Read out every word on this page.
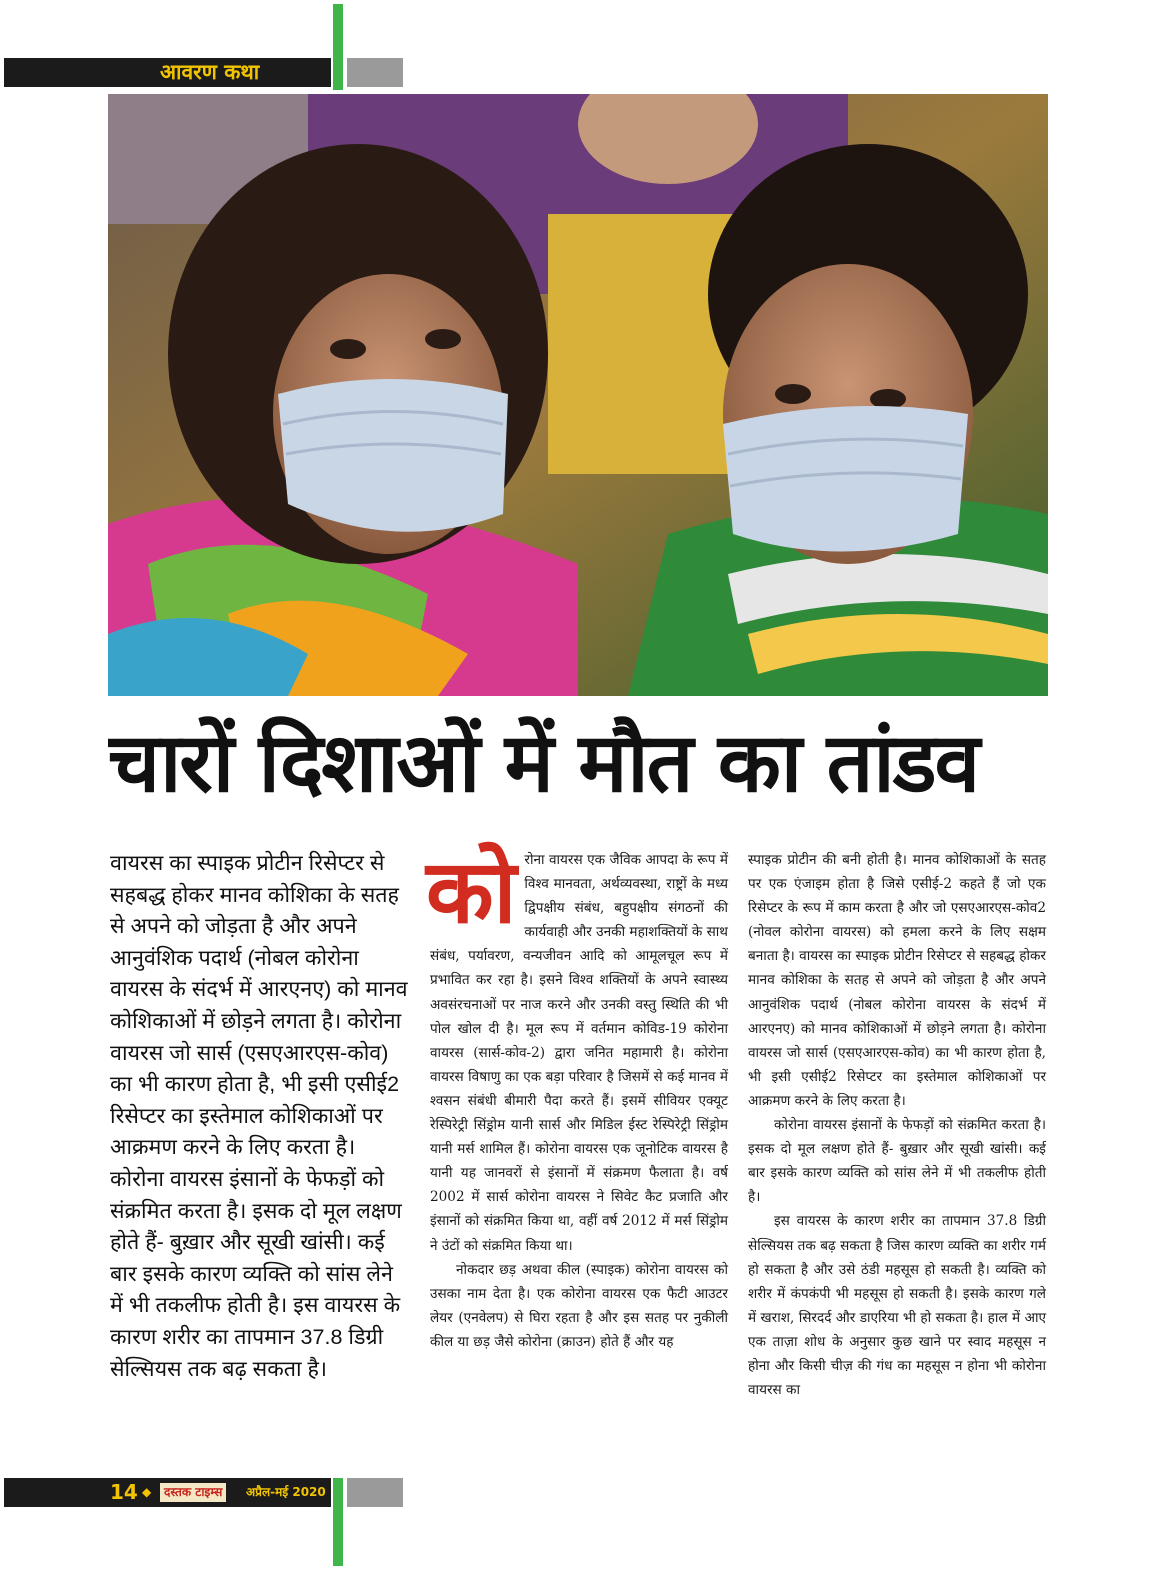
आवरण कथा
चारों दिशाओं में मौत का तांडव

वायरस का स्पाइक प्रोटीन रिसेप्टर से सहबद्ध होकर मानव कोशिका के सतह से अपने को जोड़ता है और अपने आनुवंशिक पदार्थ (नोबल कोरोना वायरस के संदर्भ में आरएनए) को मानव कोशिकाओं में छोड़ने लगता है। कोरोना वायरस जो सार्स (एसएआरएस-कोव) का भी कारण होता है, भी इसी एसीई2 रिसेप्टर का इस्तेमाल कोशिकाओं पर आक्रमण करने के लिए करता है। कोरोना वायरस इंसानों के फेफड़ों को संक्रमित करता है। इसक दो मूल लक्षण होते हैं- बुख़ार और सूखी खांसी। कई बार इसके कारण व्यक्ति को सांस लेने में भी तकलीफ होती है। इस वायरस के कारण शरीर का तापमान 37.8 डिग्री सेल्सियस तक बढ़ सकता है।

को रोना वायरस एक जैविक आपदा के रूप में विश्व मानवता, अर्थव्यवस्था, राष्ट्रों के मध्य द्विपक्षीय संबंध, बहुपक्षीय संगठनों की कार्यवाही और उनकी महाशक्तियों के साथ संबंध, पर्यावरण, वन्यजीवन आदि को आमूलचूल रूप में प्रभावित कर रहा है। इसने विश्व शक्तियों के अपने स्वास्थ्य अवसंरचनाओं पर नाज करने और उनकी वस्तु स्थिति की भी पोल खोल दी है। मूल रूप में वर्तमान कोविड-19 कोरोना वायरस (सार्स-कोव-2) द्वारा जनित महामारी है। कोरोना वायरस विषाणु का एक बड़ा परिवार है जिसमें से कई मानव में श्वसन संबंधी बीमारी पैदा करते हैं। इसमें सीवियर एक्यूट रेस्पिरेट्री सिंड्रोम यानी सार्स और मिडिल ईस्ट रेस्पिरेट्री सिंड्रोम यानी मर्स शामिल हैं। कोरोना वायरस एक जूनोटिक वायरस है यानी यह जानवरों से इंसानों में संक्रमण फैलाता है। वर्ष 2002 में सार्स कोरोना वायरस ने सिवेट कैट प्रजाति और इंसानों को संक्रमित किया था, वहीं वर्ष 2012 में मर्स सिंड्रोम ने उंटों को संक्रमित किया था।

नोकदार छड़ अथवा कील (स्पाइक) कोरोना वायरस को उसका नाम देता है। एक कोरोना वायरस एक फैटी आउटर लेयर (एनवेलप) से घिरा रहता है और इस सतह पर नुकीली कील या छड़ जैसे कोरोना (क्राउन) होते हैं और यह

स्पाइक प्रोटीन की बनी होती है। मानव कोशिकाओं के सतह पर एक एंजाइम होता है जिसे एसीई-2 कहते हैं जो एक रिसेप्टर के रूप में काम करता है और जो एसएआरएस-कोव2 (नोवल कोरोना वायरस) को हमला करने के लिए सक्षम बनाता है। वायरस का स्पाइक प्रोटीन रिसेप्टर से सहबद्ध होकर मानव कोशिका के सतह से अपने को जोड़ता है और अपने आनुवंशिक पदार्थ (नोबल कोरोना वायरस के संदर्भ में आरएनए) को मानव कोशिकाओं में छोड़ने लगता है। कोरोना वायरस जो सार्स (एसएआरएस-कोव) का भी कारण होता है, भी इसी एसीई2 रिसेप्टर का इस्तेमाल कोशिकाओं पर आक्रमण करने के लिए करता है।

कोरोना वायरस इंसानों के फेफड़ों को संक्रमित करता है। इसक दो मूल लक्षण होते हैं- बुख़ार और सूखी खांसी। कई बार इसके कारण व्यक्ति को सांस लेने में भी तकलीफ होती है।

इस वायरस के कारण शरीर का तापमान 37.8 डिग्री सेल्सियस तक बढ़ सकता है जिस कारण व्यक्ति का शरीर गर्म हो सकता है और उसे ठंडी महसूस हो सकती है। व्यक्ति को शरीर में कंपकंपी भी महसूस हो सकती है। इसके कारण गले में खराश, सिरदर्द और डाएरिया भी हो सकता है। हाल में आए एक ताज़ा शोध के अनुसार कुछ खाने पर स्वाद महसूस न होना और किसी चीज़ की गंध का महसूस न होना भी कोरोना वायरस का

14 ◆	दस्तक टाइम्स	अप्रैल-मई 2020
